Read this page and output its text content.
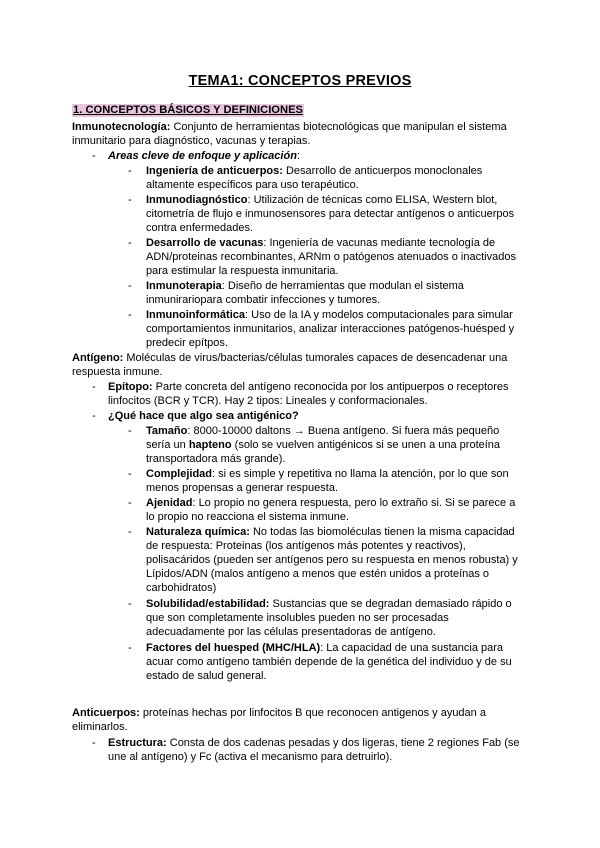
TEMA1: CONCEPTOS PREVIOS
1. CONCEPTOS BÁSICOS Y DEFINICIONES
Inmunotecnología: Conjunto de herramientas biotecnológicas que manipulan el sistema
inmunitario para diagnóstico, vacunas y terapias.
- Areas cleve de enfoque y aplicación:
- Ingeniería de anticuerpos: Desarrollo de anticuerpos monoclonales
altamente específicos para uso terapéutico.
- Inmunodiagnóstico: Utilización de técnicas como ELISA, Western blot,
citometría de flujo e inmunosensores para detectar antígenos o anticuerpos
contra enfermedades.
- Desarrollo de vacunas: Ingeniería de vacunas mediante tecnología de
ADN/proteinas recombinantes, ARNm o patógenos atenuados o inactivados
para estimular la respuesta inmunitaria.
- Inmunoterapia: Diseño de herramientas que modulan el sistema
inmunirariopara combatir infecciones y tumores.
- Inmunoinformática: Uso de la IA y modelos computacionales para simular
comportamientos inmunitarios, analizar interacciones patógenos-huésped y
predecir epítpos.
Antígeno: Moléculas de virus/bacterias/células tumorales capaces de desencadenar una
respuesta inmune.
- Epítopo: Parte concreta del antígeno reconocida por los antipuerpos o receptores
linfocitos (BCR y TCR). Hay 2 tipos: Lineales y conformacionales.
- ¿Qué hace que algo sea antigénico?
- Tamaño: 8000-10000 daltons → Buena antígeno. Si fuera más pequeño
sería un hapteno (solo se vuelven antigénicos si se unen a una proteína
transportadora más grande).
- Complejidad: si es simple y repetitiva no llama la atención, por lo que son
menos propensas a generar respuesta.
- Ajenidad: Lo propio no genera respuesta, pero lo extraño si. Si se parece a
lo propio no reacciona el sistema inmune.
- Naturaleza química: No todas las biomoléculas tienen la misma capacidad
de respuesta: Proteinas (los antígenos más potentes y reactivos),
polisacáridos (pueden ser antígenos pero su respuesta en menos robusta) y
Lípidos/ADN (malos antígeno a menos que estén unidos a proteínas o
carbohidratos)
- Solubilidad/estabilidad: Sustancias que se degradan demasiado rápido o
que son completamente insolubles pueden no ser procesadas
adecuadamente por las células presentadoras de antígeno.
- Factores del huesped (MHC/HLA): La capacidad de una sustancia para
acuar como antígeno también depende de la genética del individuo y de su
estado de salud general.
Anticuerpos: proteínas hechas por linfocitos B que reconocen antigenos y ayudan a
eliminarlos.
- Estructura: Consta de dos cadenas pesadas y dos ligeras, tiene 2 regiones Fab (se
une al antígeno) y Fc (activa el mecanismo para detruirlo).
